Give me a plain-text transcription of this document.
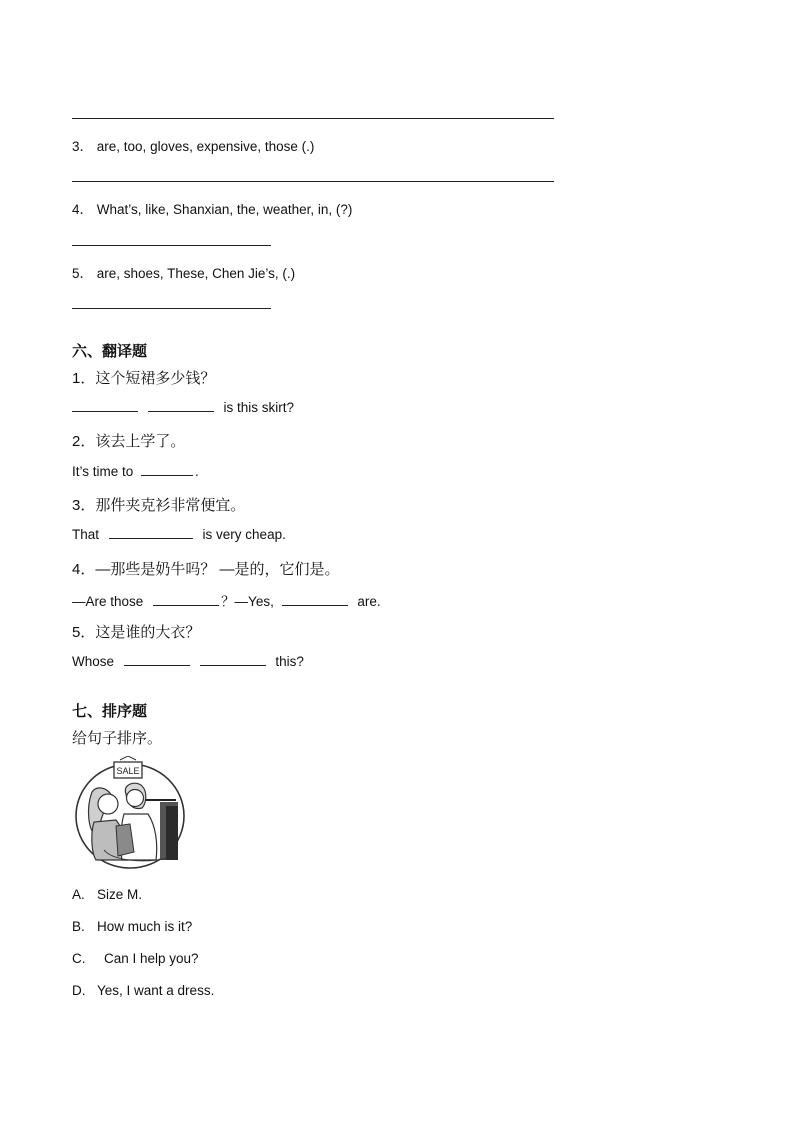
3． are, too, gloves, expensive, those (.)
4． What’s, like, Shanxian, the, weather, in, (?)
5． are, shoes, These, Chen Jie’s, (.)
六、翻译题
1．这个短裙多少钱？
is this skirt?
2．该去上学了。
It’s time to	.
3．那件夹克衫非常便宜。
That	is very cheap.
4．—那些是奶牛吗？ —是的，它们是。
—Are those	？—Yes,	are.
5．这是谁的大衣？
Whose	this?
七、排序题
给句子排序。
SALE
A. Size M.
B. How much is it?
C. Can I help you?
D. Yes, I want a dress.
